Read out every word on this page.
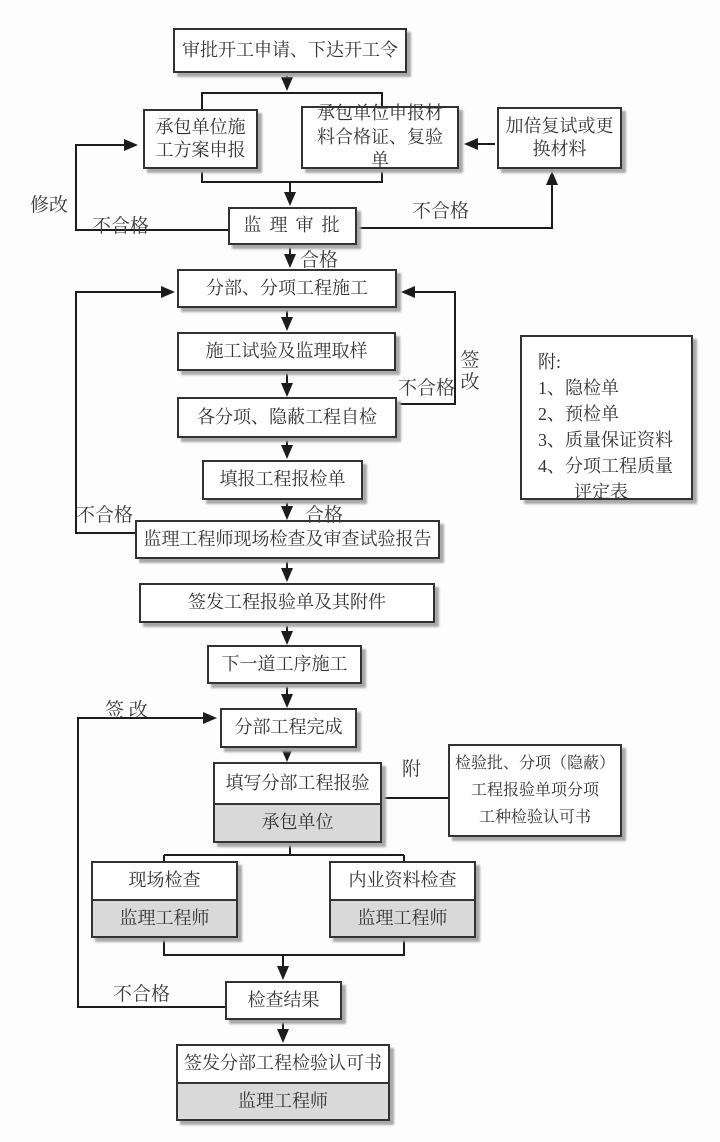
审批开工申请、下达开工令
承包单位施工方案申报
承包单位申报材料合格证、复验单
加倍复试或更换材料
监理审批
分部、分项工程施工
施工试验及监理取样
各分项、隐蔽工程自检
填报工程报检单
监理工程师现场检查及审查试验报告
签发工程报验单及其附件
下一道工序施工
分部工程完成
填写分部工程报验
承包单位
附:
1、隐检单
2、预检单
3、质量保证资料
4、分项工程质量
评定表
检验批、分项（隐蔽）
工程报验单项分项
工种检验认可书
现场检查
监理工程师
内业资料检查
监理工程师
检查结果
签发分部工程检验认可书
监理工程师
修改
不合格
不合格
合格
不合格
签改
不合格	合格
签 改
附
不合格
